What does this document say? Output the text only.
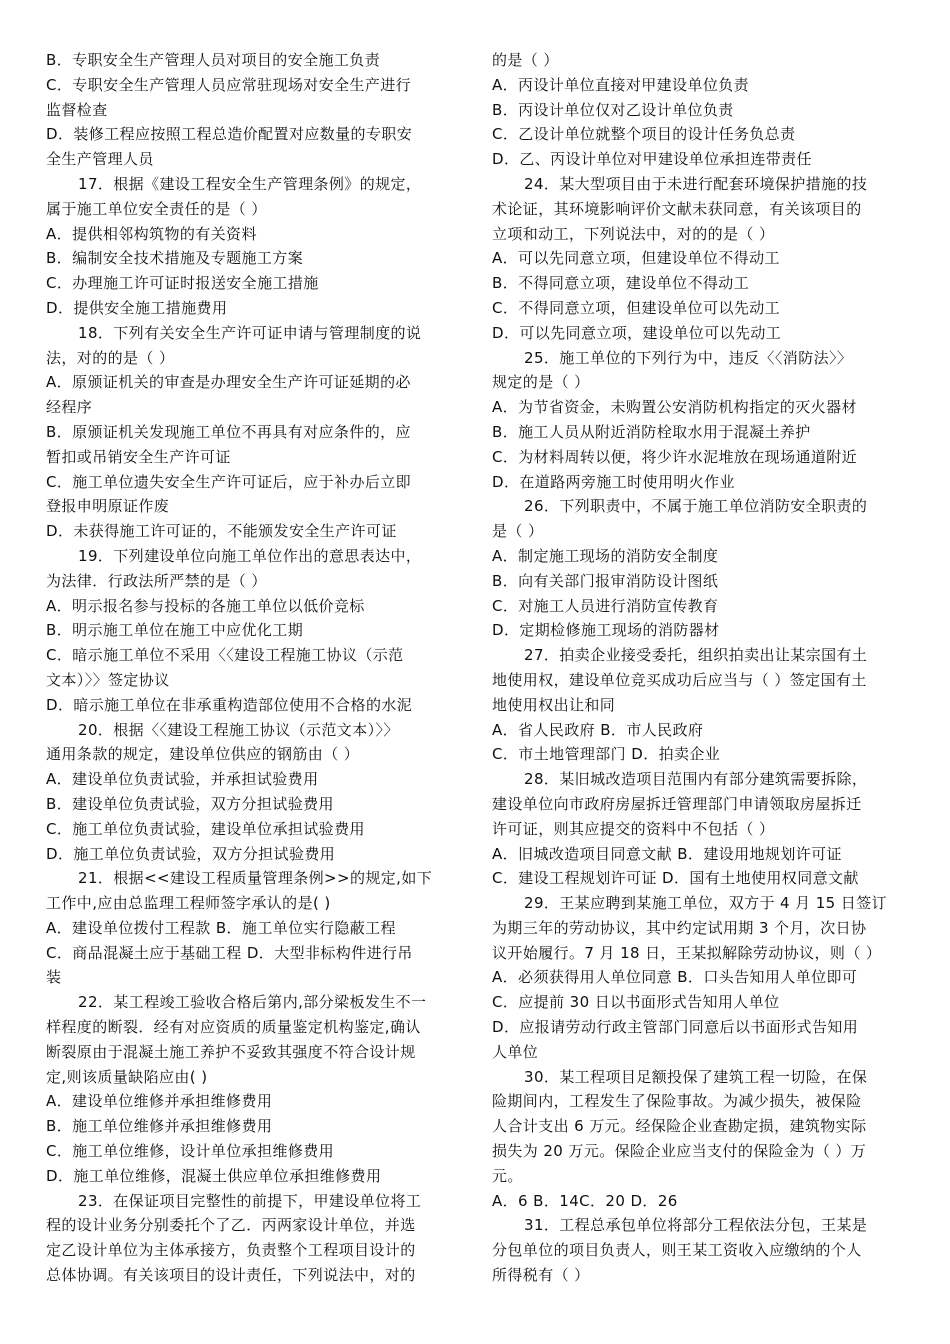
B．专职安全生产管理人员对项目的安全施工负责

C．专职安全生产管理人员应常驻现场对安全生产进行

监督检查

D．装修工程应按照工程总造价配置对应数量的专职安

全生产管理人员

17．根据《建设工程安全生产管理条例》的规定，

属于施工单位安全责任的是（ ）

A．提供相邻构筑物的有关资料

B．编制安全技术措施及专题施工方案

C．办理施工许可证时报送安全施工措施

D．提供安全施工措施费用

18．下列有关安全生产许可证申请与管理制度的说

法，对的的是（ ）

A．原颁证机关的审查是办理安全生产许可证延期的必

经程序

B．原颁证机关发现施工单位不再具有对应条件的，应

暂扣或吊销安全生产许可证

C．施工单位遗失安全生产许可证后，应于补办后立即

登报申明原证作废

D．未获得施工许可证的，不能颁发安全生产许可证

19．下列建设单位向施工单位作出的意思表达中，

为法律．行政法所严禁的是（ ）

A．明示报名参与投标的各施工单位以低价竞标

B．明示施工单位在施工中应优化工期

C．暗示施工单位不采用〈〈建设工程施工协议（示范

文本）〉〉签定协议

D．暗示施工单位在非承重构造部位使用不合格的水泥

20．根据〈〈建设工程施工协议（示范文本）〉〉

通用条款的规定，建设单位供应的钢筋由（ ）

A．建设单位负责试验，并承担试验费用

B．建设单位负责试验，双方分担试验费用

C．施工单位负责试验，建设单位承担试验费用

D．施工单位负责试验，双方分担试验费用

21．根据<<建设工程质量管理条例>>的规定,如下

工作中,应由总监理工程师签字承认的是( )

A．建设单位拨付工程款 B．施工单位实行隐蔽工程

C．商品混凝土应于基础工程 D．大型非标构件进行吊

装

22．某工程竣工验收合格后第内,部分梁板发生不一

样程度的断裂．经有对应资质的质量鉴定机构鉴定,确认

断裂原由于混凝土施工养护不妥致其强度不符合设计规

定,则该质量缺陷应由( )

A．建设单位维修并承担维修费用

B．施工单位维修并承担维修费用

C．施工单位维修，设计单位承担维修费用

D．施工单位维修，混凝土供应单位承担维修费用

23．在保证项目完整性的前提下，甲建设单位将工

程的设计业务分别委托个了乙．丙两家设计单位，并选

定乙设计单位为主体承接方，负责整个工程项目设计的

总体协调。有关该项目的设计责任，下列说法中，对的

的是（ ）

A．丙设计单位直接对甲建设单位负责

B．丙设计单位仅对乙设计单位负责

C．乙设计单位就整个项目的设计任务负总责

D．乙、丙设计单位对甲建设单位承担连带责任

24．某大型项目由于未进行配套环境保护措施的技

术论证，其环境影响评价文献未获同意，有关该项目的

立项和动工，下列说法中，对的的是（ ）

A．可以先同意立项，但建设单位不得动工

B．不得同意立项，建设单位不得动工

C．不得同意立项，但建设单位可以先动工

D．可以先同意立项，建设单位可以先动工

25．施工单位的下列行为中，违反〈〈消防法〉〉

规定的是（ ）

A．为节省资金，未购置公安消防机构指定的灭火器材

B．施工人员从附近消防栓取水用于混凝土养护

C．为材料周转以便，将少许水泥堆放在现场通道附近

D．在道路两旁施工时使用明火作业

26．下列职责中，不属于施工单位消防安全职责的

是（ ）

A．制定施工现场的消防安全制度

B．向有关部门报审消防设计图纸

C．对施工人员进行消防宣传教育

D．定期检修施工现场的消防器材

27．拍卖企业接受委托，组织拍卖出让某宗国有土

地使用权，建设单位竞买成功后应当与（ ）签定国有土

地使用权出让和同

A．省人民政府 B．市人民政府

C．市土地管理部门 D．拍卖企业

28．某旧城改造项目范围内有部分建筑需要拆除，

建设单位向市政府房屋拆迁管理部门申请领取房屋拆迁

许可证，则其应提交的资料中不包括（ ）

A．旧城改造项目同意文献 B．建设用地规划许可证

C．建设工程规划许可证 D．国有土地使用权同意文献

29．王某应聘到某施工单位，双方于 4 月 15 日签订

为期三年的劳动协议，其中约定试用期 3 个月，次日协

议开始履行。7 月 18 日，王某拟解除劳动协议，则（ ）

A．必须获得用人单位同意 B．口头告知用人单位即可

C．应提前 30 日以书面形式告知用人单位

D．应报请劳动行政主管部门同意后以书面形式告知用

人单位

30．某工程项目足额投保了建筑工程一切险，在保

险期间内，工程发生了保险事故。为减少损失，被保险

人合计支出 6 万元。经保险企业查勘定损，建筑物实际

损失为 20 万元。保险企业应当支付的保险金为（ ）万

元。

A．6 B．14C．20 D．26

31．工程总承包单位将部分工程依法分包，王某是

分包单位的项目负责人，则王某工资收入应缴纳的个人

所得税有（ ）
